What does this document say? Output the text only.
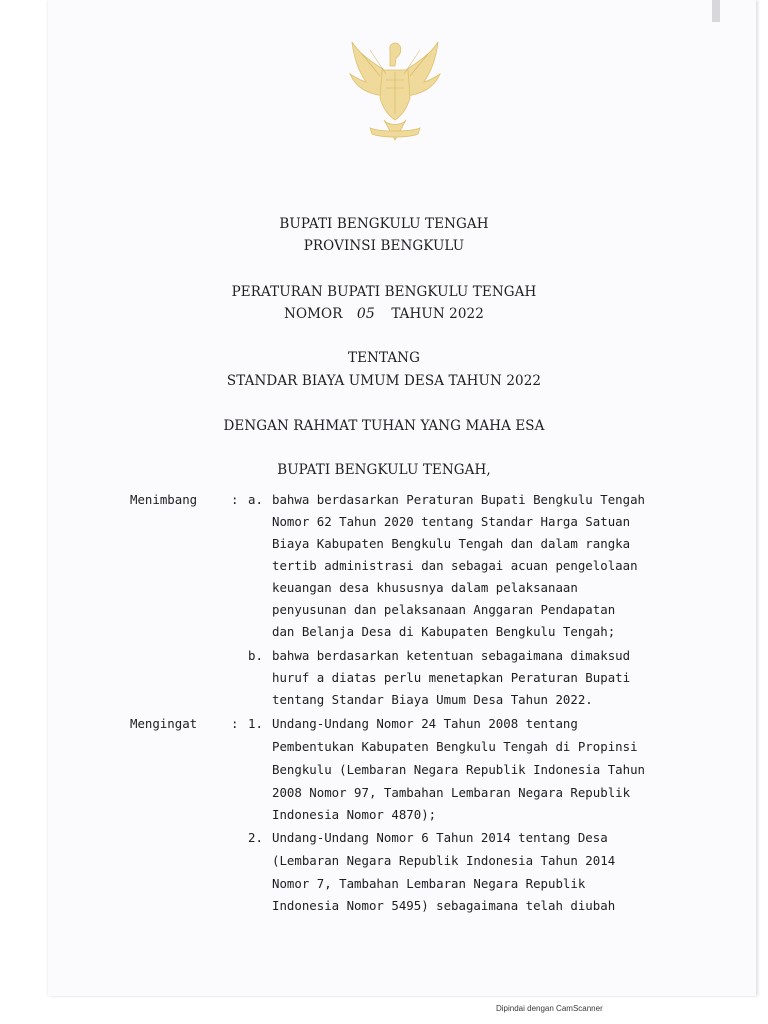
BUPATI BENGKULU TENGAH
PROVINSI BENGKULU
PERATURAN BUPATI BENGKULU TENGAH
NOMOR 05 TAHUN 2022
TENTANG
STANDAR BIAYA UMUM DESA TAHUN 2022
DENGAN RAHMAT TUHAN YANG MAHA ESA
BUPATI BENGKULU TENGAH,
Menimbang	: a. bahwa berdasarkan Peraturan Bupati Bengkulu Tengah
Nomor 62 Tahun 2020 tentang Standar Harga Satuan
Biaya Kabupaten Bengkulu Tengah dan dalam rangka
tertib administrasi dan sebagai acuan pengelolaan
keuangan desa khususnya dalam pelaksanaan
penyusunan dan pelaksanaan Anggaran Pendapatan
dan Belanja Desa di Kabupaten Bengkulu Tengah;
b. bahwa berdasarkan ketentuan sebagaimana dimaksud
huruf a diatas perlu menetapkan Peraturan Bupati
tentang Standar Biaya Umum Desa Tahun 2022.
Mengingat	: 1. Undang-Undang Nomor 24 Tahun 2008 tentang
Pembentukan Kabupaten Bengkulu Tengah di Propinsi
Bengkulu (Lembaran Negara Republik Indonesia Tahun
2008 Nomor 97, Tambahan Lembaran Negara Republik
Indonesia Nomor 4870);
2. Undang-Undang Nomor 6 Tahun 2014 tentang Desa
(Lembaran Negara Republik Indonesia Tahun 2014
Nomor 7, Tambahan Lembaran Negara Republik
Indonesia Nomor 5495) sebagaimana telah diubah
Dipindai dengan CamScanner
